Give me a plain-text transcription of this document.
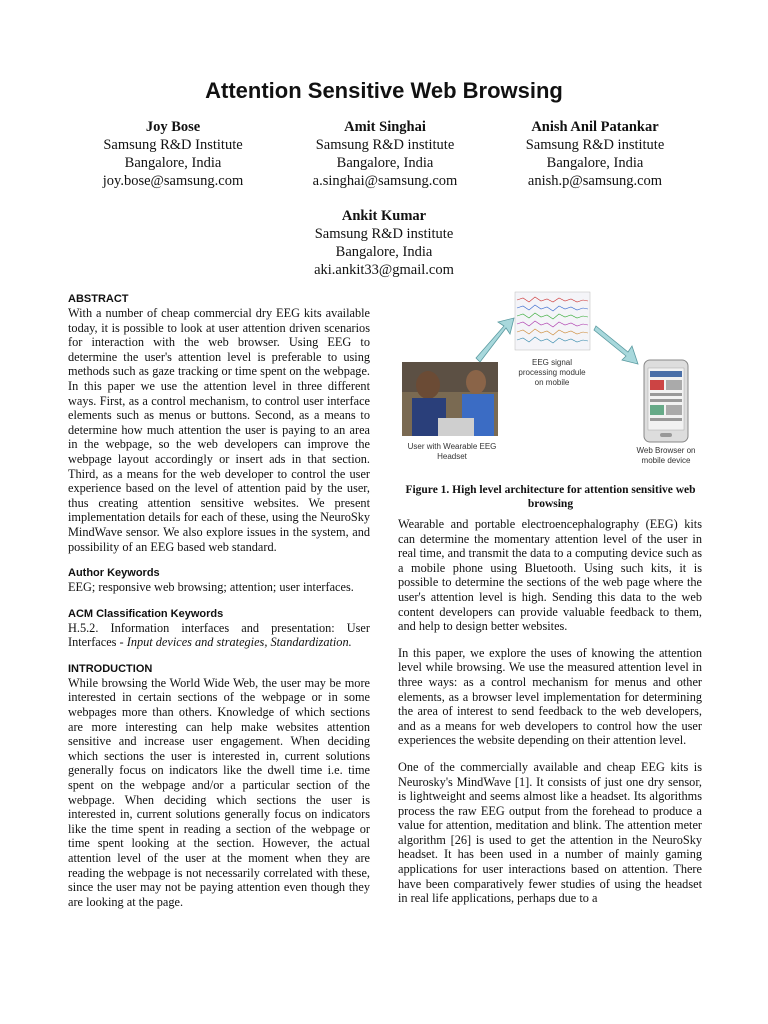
Attention Sensitive Web Browsing
Joy Bose
Samsung R&D Institute
Bangalore, India
joy.bose@samsung.com
Amit Singhai
Samsung R&D institute
Bangalore, India
a.singhai@samsung.com
Anish Anil Patankar
Samsung R&D institute
Bangalore, India
anish.p@samsung.com
Ankit Kumar
Samsung R&D institute
Bangalore, India
aki.ankit33@gmail.com
ABSTRACT

With a number of cheap commercial dry EEG kits available today, it is possible to look at user attention driven scenarios for interaction with the web browser. Using EEG to determine the user's attention level is preferable to using methods such as gaze tracking or time spent on the webpage. In this paper we use the attention level in three different ways. First, as a control mechanism, to control user interface elements such as menus or buttons. Second, as a means to determine how much attention the user is paying to an area in the webpage, so the web developers can improve the webpage layout accordingly or insert ads in that section. Third, as a means for the web developer to control the user experience based on the level of attention paid by the user, thus creating attention sensitive websites. We present implementation details for each of these, using the NeuroSky MindWave sensor. We also explore issues in the system, and possibility of an EEG based web standard.

Author Keywords

EEG; responsive web browsing; attention; user interfaces.

ACM Classification Keywords

H.5.2. Information interfaces and presentation: User Interfaces - Input devices and strategies, Standardization.

INTRODUCTION

While browsing the World Wide Web, the user may be more interested in certain sections of the webpage or in some webpages more than others. Knowledge of which sections are more interesting can help make websites attention sensitive and increase user engagement. When deciding which sections the user is interested in, current solutions generally focus on indicators like the dwell time i.e. time spent on the webpage and/or a particular section of the webpage. When deciding which sections the user is interested in, current solutions generally focus on indicators like the time spent in reading a section of the webpage or time spent looking at the section. However, the actual attention level of the user at the moment when they are reading the webpage is not necessarily correlated with these, since the user may not be paying attention even though they are looking at the page.

EEG signal
processing module
on mobile
User with Wearable EEG
Headset
Web Browser on
mobile device
Figure 1. High level architecture for attention sensitive web browsing

Wearable and portable electroencephalography (EEG) kits can determine the momentary attention level of the user in real time, and transmit the data to a computing device such as a mobile phone using Bluetooth. Using such kits, it is possible to determine the sections of the web page where the user's attention level is high. Sending this data to the web content developers can provide valuable feedback to them, and help to design better websites.

In this paper, we explore the uses of knowing the attention level while browsing. We use the measured attention level in three ways: as a control mechanism for menus and other elements, as a browser level implementation for determining the area of interest to send feedback to the web developers, and as a means for web developers to control how the user experiences the website depending on their attention level.

One of the commercially available and cheap EEG kits is Neurosky's MindWave [1]. It consists of just one dry sensor, is lightweight and seems almost like a headset. Its algorithms process the raw EEG output from the forehead to produce a value for attention, meditation and blink. The attention meter algorithm [26] is used to get the attention in the NeuroSky headset. It has been used in a number of mainly gaming applications for user interactions based on attention. There have been comparatively fewer studies of using the headset in real life applications, perhaps due to a
